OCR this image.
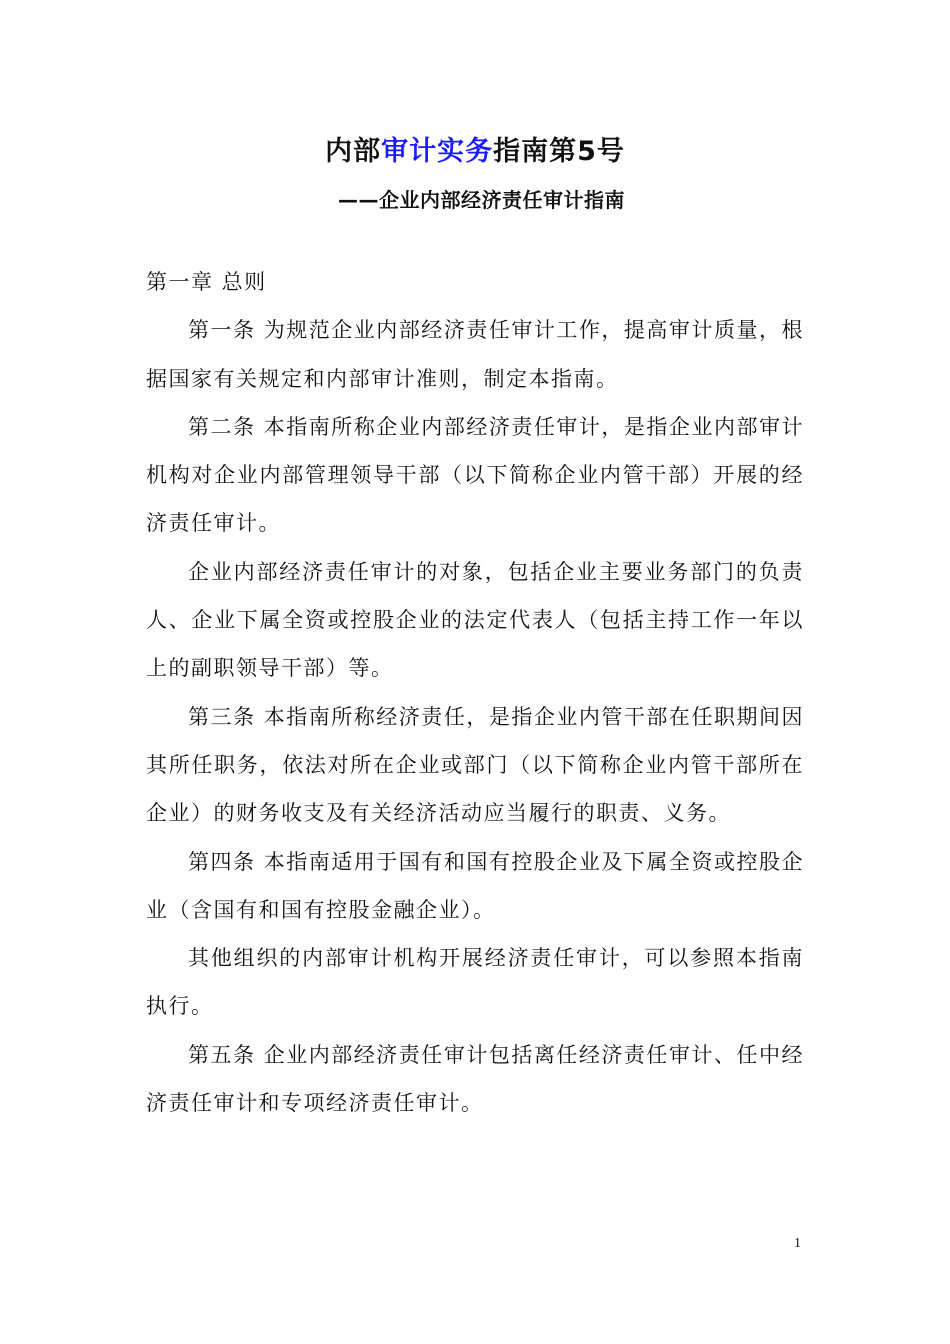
内部审计实务指南第5号
——企业内部经济责任审计指南

第一章 总则

第一条 为规范企业内部经济责任审计工作，提高审计质量，根据国家有关规定和内部审计准则，制定本指南。

第二条 本指南所称企业内部经济责任审计，是指企业内部审计机构对企业内部管理领导干部（以下简称企业内管干部）开展的经济责任审计。

企业内部经济责任审计的对象，包括企业主要业务部门的负责人、企业下属全资或控股企业的法定代表人（包括主持工作一年以上的副职领导干部）等。

第三条 本指南所称经济责任，是指企业内管干部在任职期间因其所任职务，依法对所在企业或部门（以下简称企业内管干部所在企业）的财务收支及有关经济活动应当履行的职责、义务。

第四条 本指南适用于国有和国有控股企业及下属全资或控股企业（含国有和国有控股金融企业）。

其他组织的内部审计机构开展经济责任审计，可以参照本指南执行。

第五条 企业内部经济责任审计包括离任经济责任审计、任中经济责任审计和专项经济责任审计。

1
